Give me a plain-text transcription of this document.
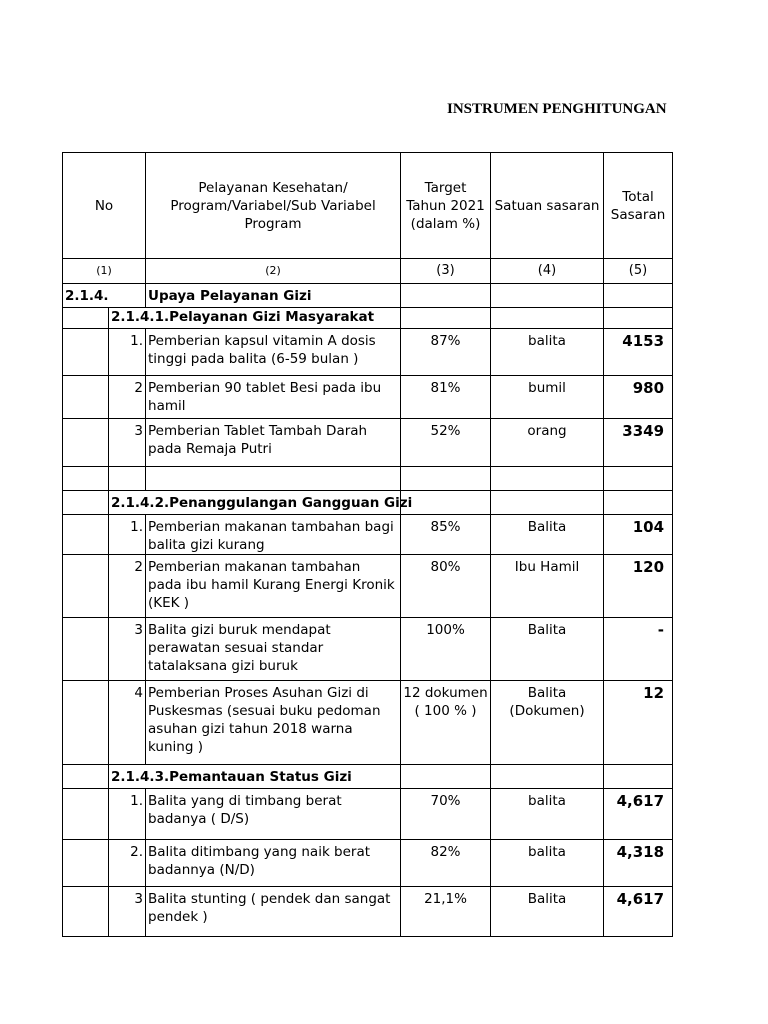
INSTRUMEN PENGHITUNGAN
No		Pelayanan Kesehatan/ Program/Variabel/Sub Variabel Program	Target Tahun 2021 (dalam %)	Satuan sasaran	Total Sasaran
(1)		(2)	(3)	(4)	(5)
2.1.4.		Upaya Pelayanan Gizi			
	2.1.4.1.Pelayanan Gizi Masyarakat				
	1.	Pemberian kapsul vitamin A dosis tinggi pada balita (6-59 bulan )	87%	balita	4153
	2	Pemberian 90 tablet Besi pada ibu hamil	81%	bumil	980
	3	Pemberian Tablet Tambah Darah pada Remaja Putri	52%	orang	3349

	2.1.4.2.Penanggulangan Gangguan Gizi				
	1.	Pemberian makanan tambahan bagi balita gizi kurang	85%	Balita	104
	2	Pemberian makanan tambahan pada ibu hamil Kurang Energi Kronik (KEK )	80%	Ibu Hamil	120
	3	Balita gizi buruk mendapat perawatan sesuai standar tatalaksana gizi buruk	100%	Balita	-
	4	Pemberian Proses Asuhan Gizi di Puskesmas (sesuai buku pedoman asuhan gizi tahun 2018 warna kuning )	12 dokumen ( 100 % )	Balita (Dokumen)	12
	2.1.4.3.Pemantauan Status Gizi				
	1.	Balita yang di timbang berat badanya ( D/S)	70%	balita	4,617
	2.	Balita ditimbang yang naik berat badannya (N/D)	82%	balita	4,318
	3	Balita stunting ( pendek dan sangat pendek )	21,1%	Balita	4,617
